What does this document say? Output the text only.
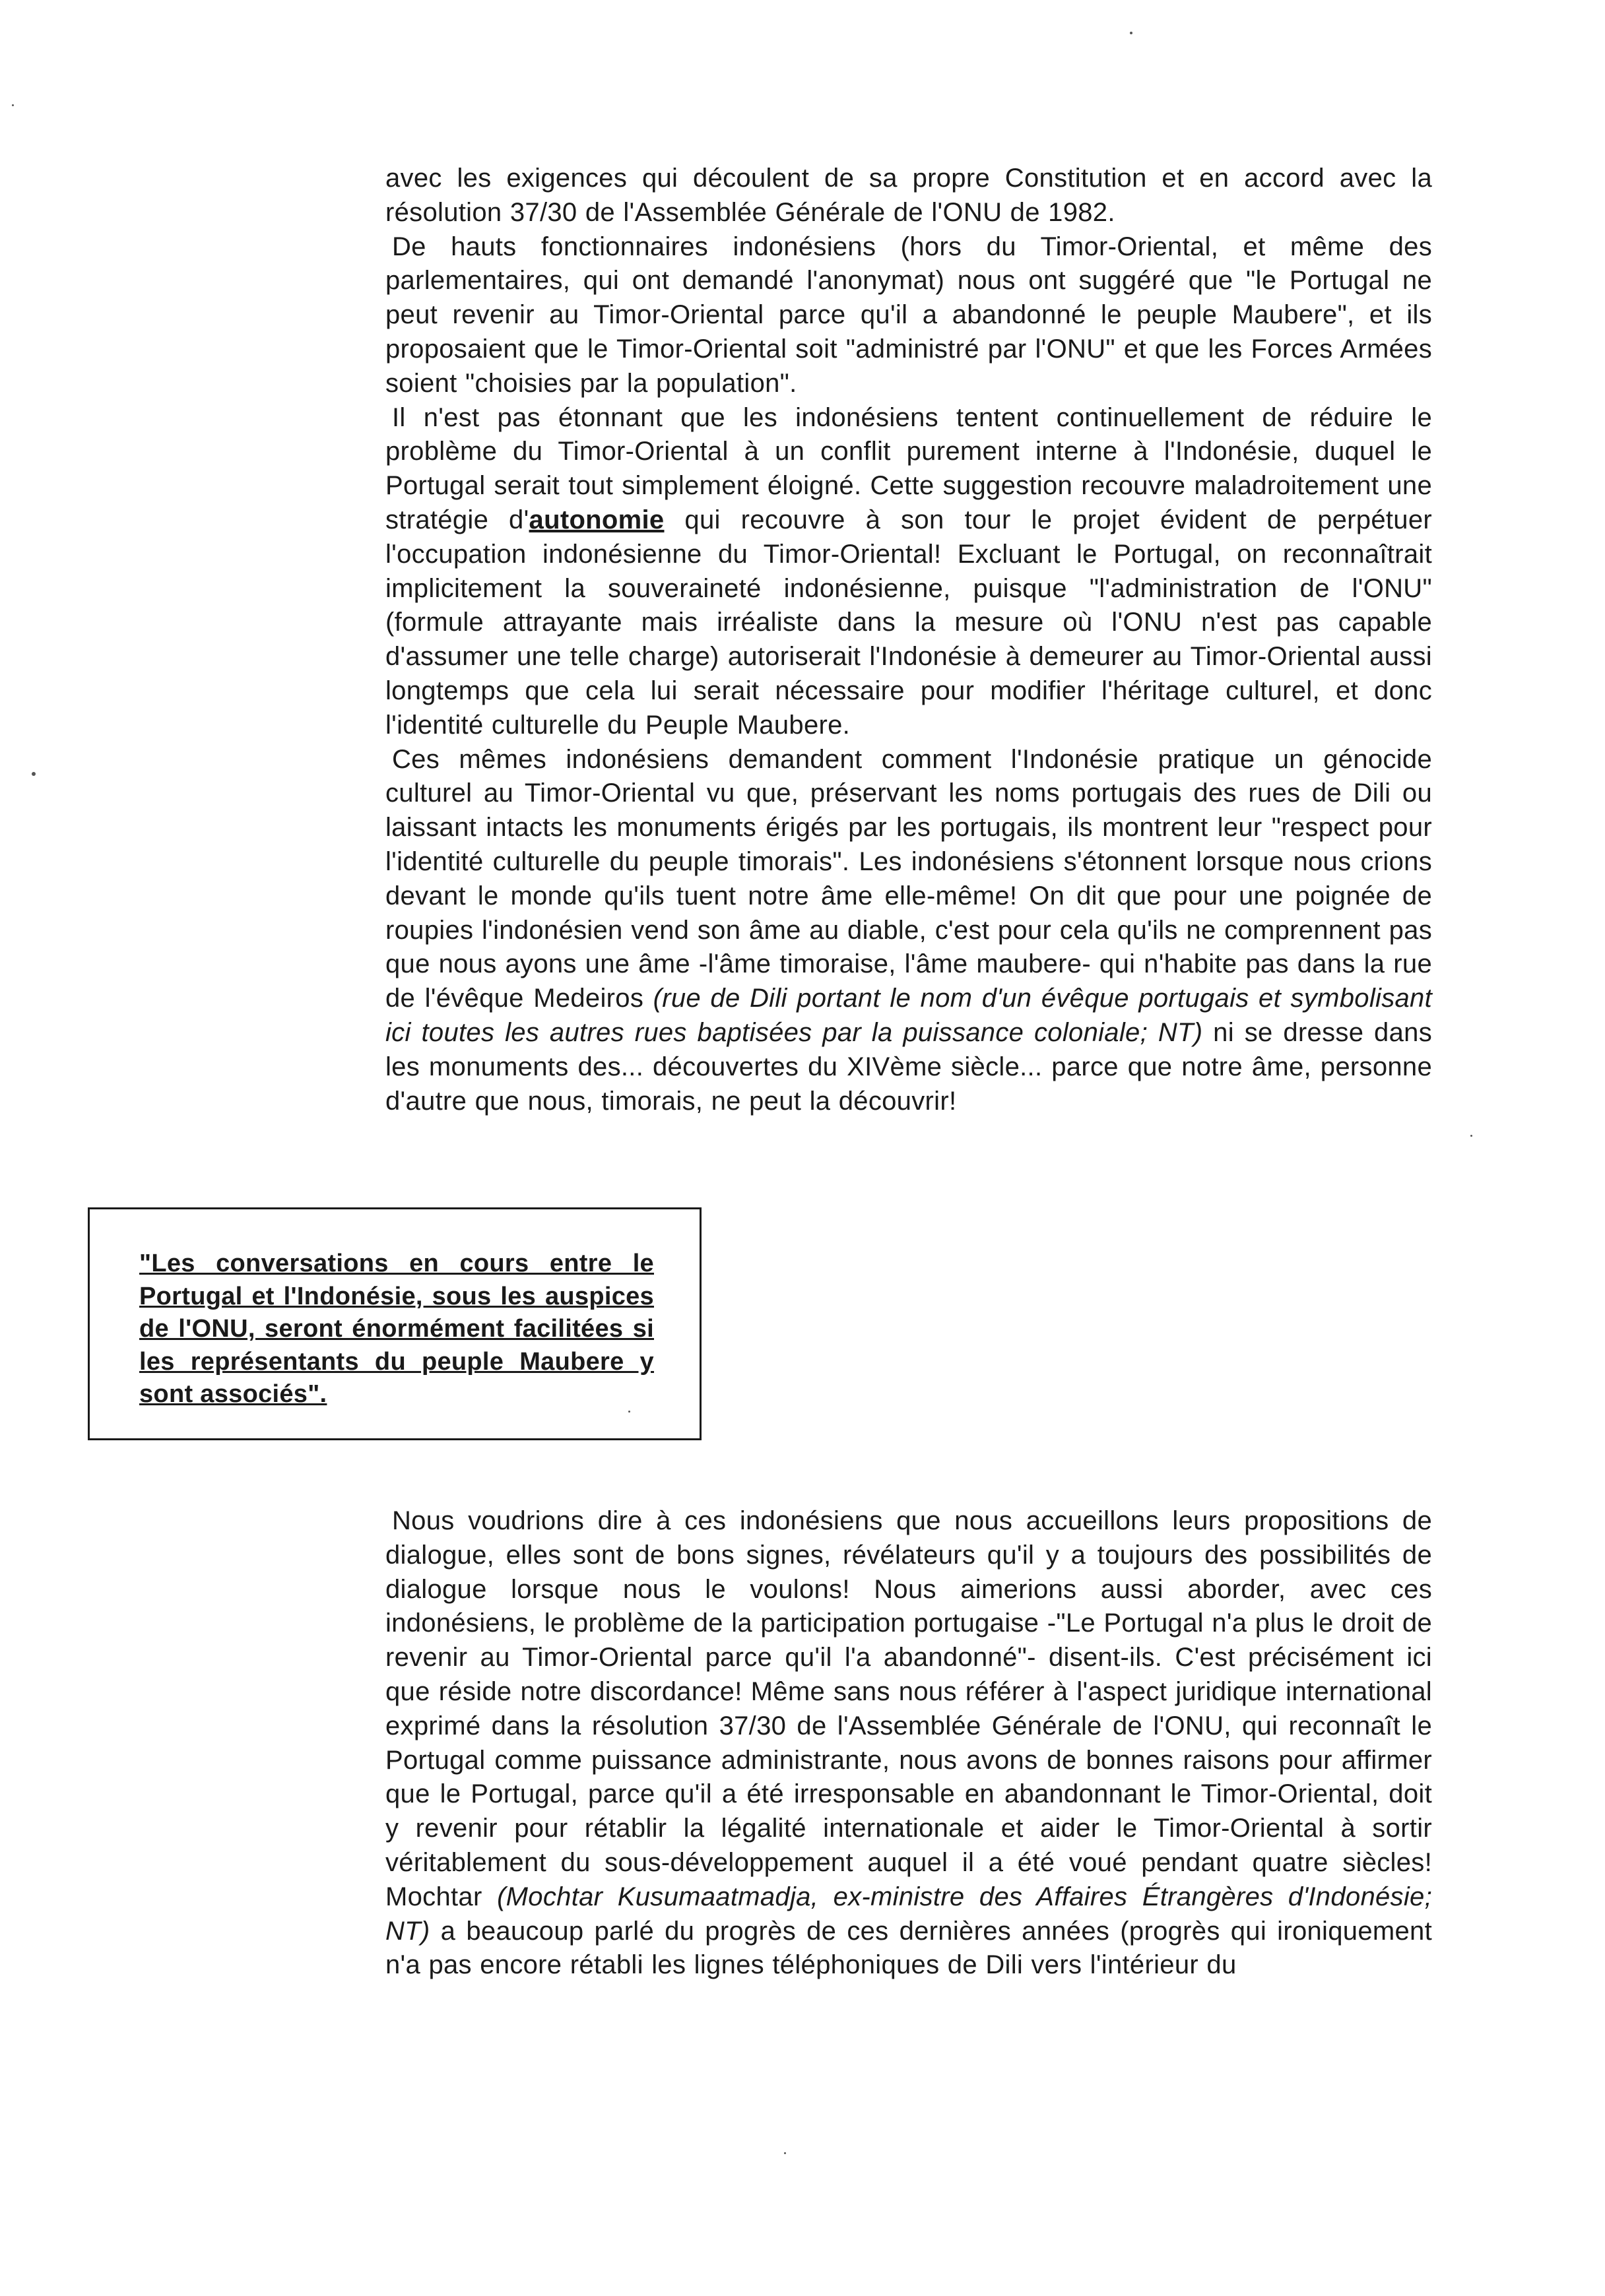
avec les exigences qui découlent de sa propre Constitution et en accord avec la résolution 37/30 de l'Assemblée Générale de l'ONU de 1982.

De hauts fonctionnaires indonésiens (hors du Timor-Oriental, et même des parlementaires, qui ont demandé l'anonymat) nous ont suggéré que "le Portugal ne peut revenir au Timor-Oriental parce qu'il a abandonné le peuple Maubere", et ils proposaient que le Timor-Oriental soit "administré par l'ONU" et que les Forces Armées soient "choisies par la population".

Il n'est pas étonnant que les indonésiens tentent continuellement de réduire le problème du Timor-Oriental à un conflit purement interne à l'Indonésie, duquel le Portugal serait tout simplement éloigné. Cette suggestion recouvre maladroitement une stratégie d'autonomie qui recouvre à son tour le projet évident de perpétuer l'occupation indonésienne du Timor-Oriental! Excluant le Portugal, on reconnaîtrait implicitement la souveraineté indonésienne, puisque "l'administration de l'ONU" (formule attrayante mais irréaliste dans la mesure où l'ONU n'est pas capable d'assumer une telle charge) autoriserait l'Indonésie à demeurer au Timor-Oriental aussi longtemps que cela lui serait nécessaire pour modifier l'héritage culturel, et donc l'identité culturelle du Peuple Maubere.

Ces mêmes indonésiens demandent comment l'Indonésie pratique un génocide culturel au Timor-Oriental vu que, préservant les noms portugais des rues de Dili ou laissant intacts les monuments érigés par les portugais, ils montrent leur "respect pour l'identité culturelle du peuple timorais". Les indonésiens s'étonnent lorsque nous crions devant le monde qu'ils tuent notre âme elle-même! On dit que pour une poignée de roupies l'indonésien vend son âme au diable, c'est pour cela qu'ils ne comprennent pas que nous ayons une âme -l'âme timoraise, l'âme maubere- qui n'habite pas dans la rue de l'évêque Medeiros (rue de Dili portant le nom d'un évêque portugais et symbolisant ici toutes les autres rues baptisées par la puissance coloniale; NT) ni se dresse dans les monuments des... découvertes du XIVème siècle... parce que notre âme, personne d'autre que nous, timorais, ne peut la découvrir!

"Les conversations en cours entre le Portugal et l'Indonésie, sous les auspices de l'ONU, seront énormément facilitées si les représentants du peuple Maubere y sont associés".

Nous voudrions dire à ces indonésiens que nous accueillons leurs propositions de dialogue, elles sont de bons signes, révélateurs qu'il y a toujours des possibilités de dialogue lorsque nous le voulons! Nous aimerions aussi aborder, avec ces indonésiens, le problème de la participation portugaise -"Le Portugal n'a plus le droit de revenir au Timor-Oriental parce qu'il l'a abandonné"- disent-ils. C'est précisément ici que réside notre discordance! Même sans nous référer à l'aspect juridique international exprimé dans la résolution 37/30 de l'Assemblée Générale de l'ONU, qui reconnaît le Portugal comme puissance administrante, nous avons de bonnes raisons pour affirmer que le Portugal, parce qu'il a été irresponsable en abandonnant le Timor-Oriental, doit y revenir pour rétablir la légalité internationale et aider le Timor-Oriental à sortir véritablement du sous-développement auquel il a été voué pendant quatre siècles! Mochtar (Mochtar Kusumaatmadja, ex-ministre des Affaires Étrangères d'Indonésie; NT) a beaucoup parlé du progrès de ces dernières années (progrès qui ironiquement n'a pas encore rétabli les lignes téléphoniques de Dili vers l'intérieur du
